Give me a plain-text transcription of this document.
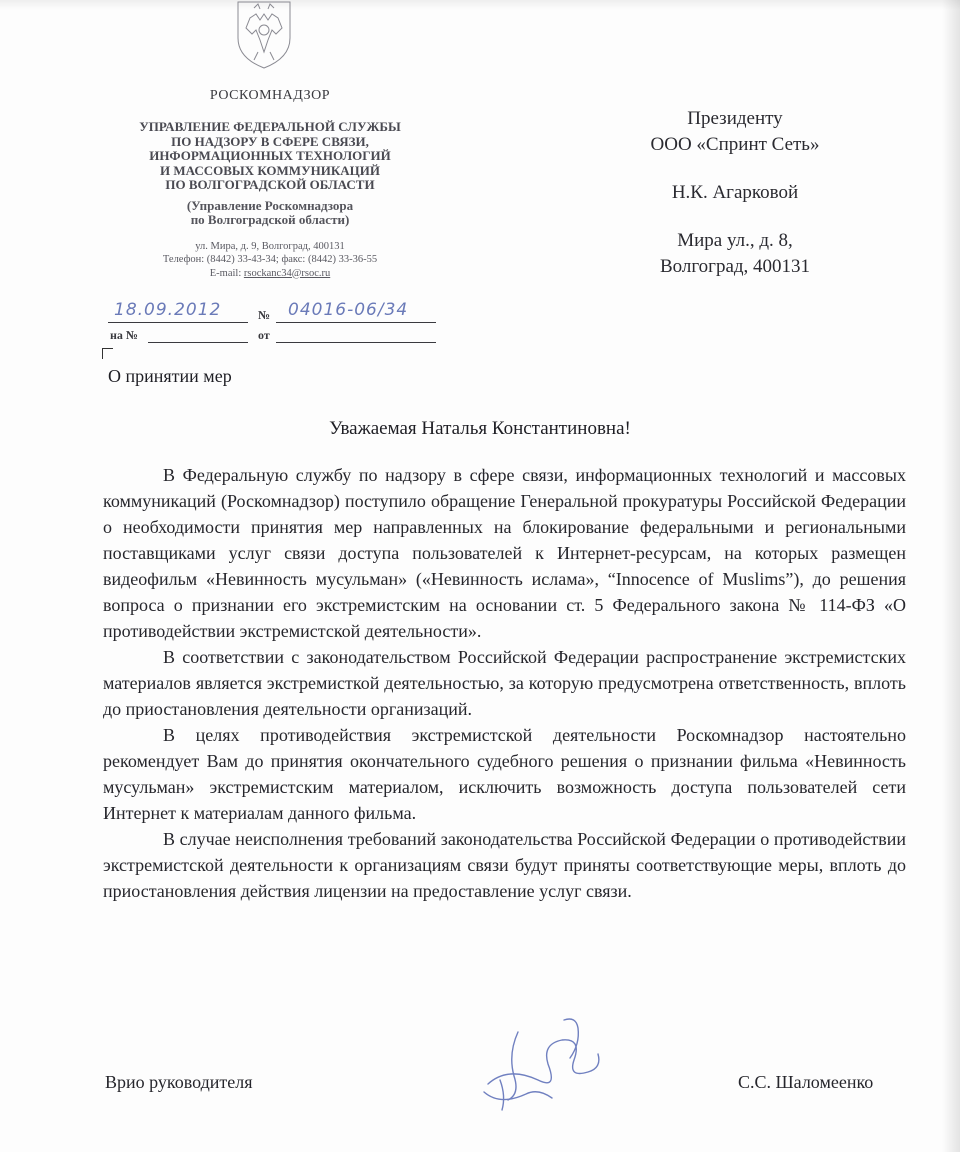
РОСКОМНАДЗОР
УПРАВЛЕНИЕ ФЕДЕРАЛЬНОЙ СЛУЖБЫ
ПО НАДЗОРУ В СФЕРЕ СВЯЗИ,
ИНФОРМАЦИОННЫХ ТЕХНОЛОГИЙ
И МАССОВЫХ КОММУНИКАЦИЙ
ПО ВОЛГОГРАДСКОЙ ОБЛАСТИ
(Управление Роскомнадзора
по Волгоградской области)
ул. Мира, д. 9, Волгоград, 400131
Телефон: (8442) 33-43-34; факс: (8442) 33-36-55
E-mail: rsockanc34@rsoc.ru
18.09.2012	№ 04016-06/34
на №	от
О принятии мер
Президенту
ООО «Спринт Сеть»
Н.К. Агарковой
Мира ул., д. 8,
Волгоград, 400131
Уважаемая Наталья Константиновна!

В Федеральную службу по надзору в сфере связи, информационных технологий и массовых коммуникаций (Роскомнадзор) поступило обращение Генеральной прокуратуры Российской Федерации о необходимости принятия мер направленных на блокирование федеральными и региональными поставщиками услуг связи доступа пользователей к Интернет-ресурсам, на которых размещен видеофильм «Невинность мусульман» («Невинность ислама», “Innocence of Muslims”), до решения вопроса о признании его экстремистским на основании ст. 5 Федерального закона № 114-ФЗ «О противодействии экстремистской деятельности».

В соответствии с законодательством Российской Федерации распространение экстремистских материалов является экстремисткой деятельностью, за которую предусмотрена ответственность, вплоть до приостановления деятельности организаций.

В целях противодействия экстремистской деятельности Роскомнадзор настоятельно рекомендует Вам до принятия окончательного судебного решения о признании фильма «Невинность мусульман» экстремистским материалом, исключить возможность доступа пользователей сети Интернет к материалам данного фильма.

В случае неисполнения требований законодательства Российской Федерации о противодействии экстремистской деятельности к организациям связи будут приняты соответствующие меры, вплоть до приостановления действия лицензии на предоставление услуг связи.

Врио руководителя	С.С. Шаломеенко
